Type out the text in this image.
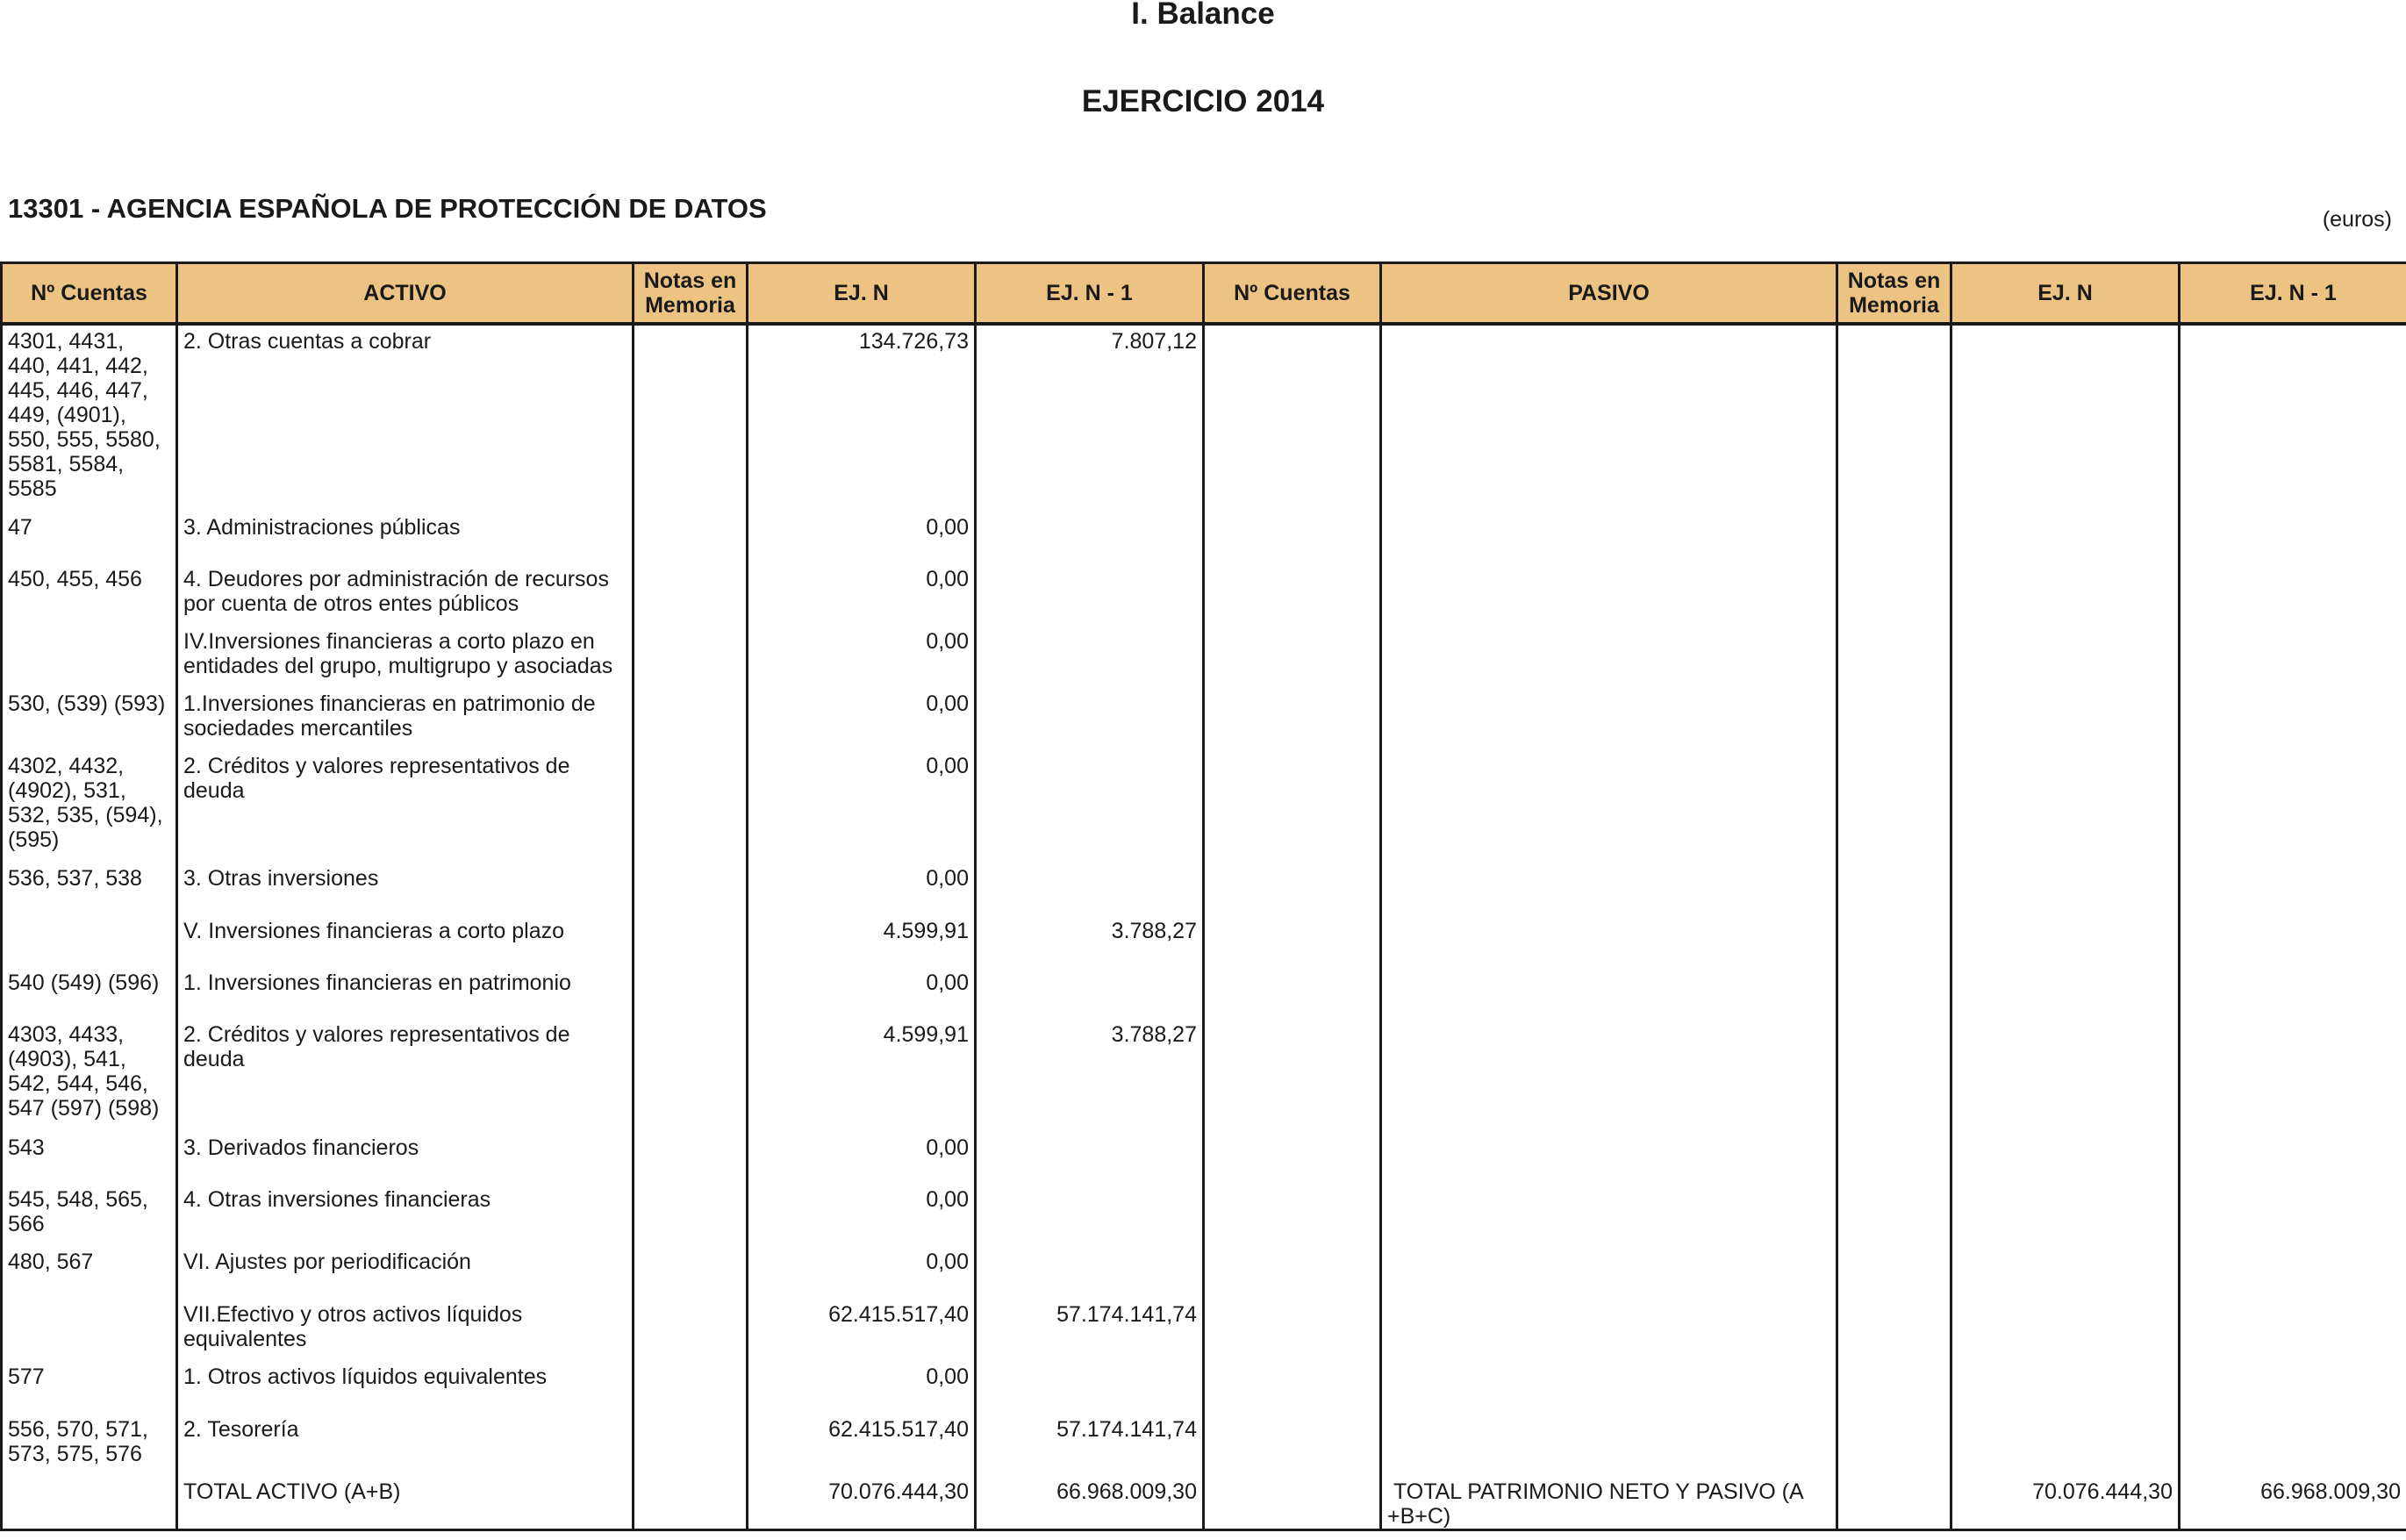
I. Balance
EJERCICIO 2014
13301 - AGENCIA ESPAÑOLA DE PROTECCIÓN DE DATOS	(euros)
Nº Cuentas	ACTIVO	Notas en Memoria	EJ. N	EJ. N - 1	Nº Cuentas	PASIVO	Notas en Memoria	EJ. N	EJ. N - 1
4301, 4431, 440, 441, 442, 445, 446, 447, 449, (4901), 550, 555, 5580, 5581, 5584, 5585	2. Otras cuentas a cobrar		134.726,73	7.807,12					
47	3. Administraciones públicas		0,00						
450, 455, 456	4. Deudores por administración de recursos por cuenta de otros entes públicos		0,00						
	IV.Inversiones financieras a corto plazo en entidades del grupo, multigrupo y asociadas		0,00						
530, (539) (593)	1.Inversiones financieras en patrimonio de sociedades mercantiles		0,00						
4302, 4432, (4902), 531, 532, 535, (594), (595)	2. Créditos y valores representativos de deuda		0,00						
536, 537, 538	3. Otras inversiones		0,00						
	V. Inversiones financieras a corto plazo		4.599,91	3.788,27					
540 (549) (596)	1. Inversiones financieras en patrimonio		0,00						
4303, 4433, (4903), 541, 542, 544, 546, 547 (597) (598)	2. Créditos y valores representativos de deuda		4.599,91	3.788,27					
543	3. Derivados financieros		0,00						
545, 548, 565, 566	4. Otras inversiones financieras		0,00						
480, 567	VI. Ajustes por periodificación		0,00						
	VII.Efectivo y otros activos líquidos equivalentes		62.415.517,40	57.174.141,74					
577	1. Otros activos líquidos equivalentes		0,00						
556, 570, 571, 573, 575, 576	2. Tesorería		62.415.517,40	57.174.141,74					
	TOTAL ACTIVO (A+B)		70.076.444,30	66.968.009,30		TOTAL PATRIMONIO NETO Y PASIVO (A +B+C)		70.076.444,30	66.968.009,30
